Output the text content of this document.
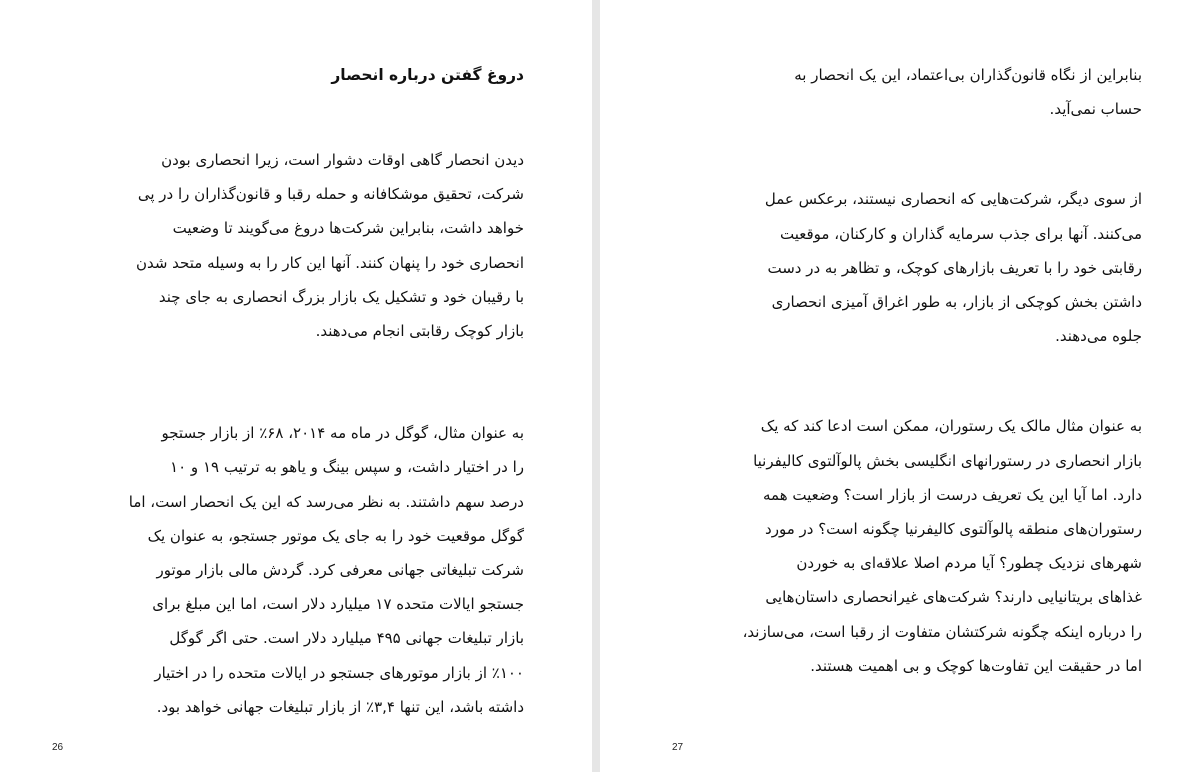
دروغ گفتن درباره انحصار

دیدن انحصار گاهی اوقات دشوار است، زیرا انحصاری بودن
شرکت، تحقیق موشکافانه و حمله رقبا و قانون‌گذاران را در پی
خواهد داشت، بنابراین شرکت‌ها دروغ می‌گویند تا وضعیت
انحصاری خود را پنهان کنند. آنها این کار را به وسیله متحد شدن
با رقیبان خود و تشکیل یک بازار بزرگ انحصاری به جای چند
بازار کوچک رقابتی انجام می‌دهند.

به عنوان مثال، گوگل در ماه مه ۲۰۱۴، ۶۸٪ از بازار جستجو
را در اختیار داشت، و سپس بینگ و یاهو به ترتیب ۱۹ و ۱۰
درصد سهم داشتند. به نظر می‌رسد که این یک انحصار است، اما
گوگل موقعیت خود را به جای یک موتور جستجو، به عنوان یک
شرکت تبلیغاتی جهانی معرفی کرد. گردش مالی بازار موتور
جستجو ایالات متحده ۱۷ میلیارد دلار است، اما این مبلغ برای
بازار تبلیغات جهانی ۴۹۵ میلیارد دلار است. حتی اگر گوگل
٪۱۰۰ از بازار موتورهای جستجو در ایالات متحده را در اختیار
داشته باشد، این تنها ۳,۴٪ از بازار تبلیغات جهانی خواهد بود.

26

بنابراین از نگاه قانون‌گذاران بی‌اعتماد، این یک انحصار به
حساب نمی‌آید.

از سوی دیگر، شرکت‌هایی که انحصاری نیستند، برعکس عمل
می‌کنند. آنها برای جذب سرمایه گذاران و کارکنان، موقعیت
رقابتی خود را با تعریف بازارهای کوچک، و تظاهر به در دست
داشتن بخش کوچکی از بازار، به طور اغراق آمیزی انحصاری
جلوه می‌دهند.

به عنوان مثال مالک یک رستوران، ممکن است ادعا کند که یک
بازار انحصاری در رستورانهای انگلیسی بخش پالوآلتوی کالیفرنیا
دارد. اما آیا این یک تعریف درست از بازار است؟ وضعیت همه
رستوران‌های منطقه پالوآلتوی کالیفرنیا چگونه است؟ در مورد
شهرهای نزدیک چطور؟ آیا مردم اصلا علاقه‌ای به خوردن
غذاهای بریتانیایی دارند؟ شرکت‌های غیرانحصاری داستان‌هایی
را درباره اینکه چگونه شرکتشان متفاوت از رقبا است، می‌سازند،
اما در حقیقت این تفاوت‌ها کوچک و بی اهمیت هستند.

27
